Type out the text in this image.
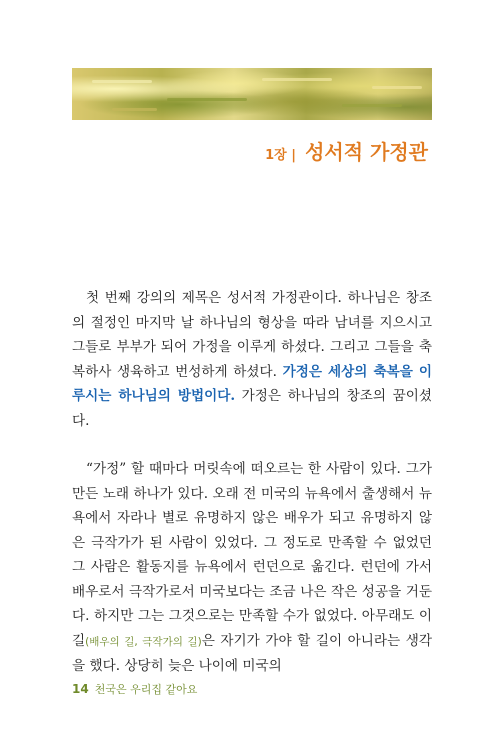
1장 | 성서적 가정관

첫 번째 강의의 제목은 성서적 가정관이다. 하나님은 창조의 절정인 마지막 날 하나님의 형상을 따라 남녀를 지으시고 그들로 부부가 되어 가정을 이루게 하셨다. 그리고 그들을 축복하사 생육하고 번성하게 하셨다. 가정은 세상의 축복을 이루시는 하나님의 방법이다. 가정은 하나님의 창조의 꿈이셨다.

“가정” 할 때마다 머릿속에 떠오르는 한 사람이 있다. 그가 만든 노래 하나가 있다. 오래 전 미국의 뉴욕에서 출생해서 뉴욕에서 자라나 별로 유명하지 않은 배우가 되고 유명하지 않은 극작가가 된 사람이 있었다. 그 정도로 만족할 수 없었던 그 사람은 활동지를 뉴욕에서 런던으로 옮긴다. 런던에 가서 배우로서 극작가로서 미국보다는 조금 나은 작은 성공을 거둔다. 하지만 그는 그것으로는 만족할 수가 없었다. 아무래도 이 길(배우의 길, 극작가의 길)은 자기가 가야 할 길이 아니라는 생각을 했다. 상당히 늦은 나이에 미국의

14 천국은 우리집 같아요
